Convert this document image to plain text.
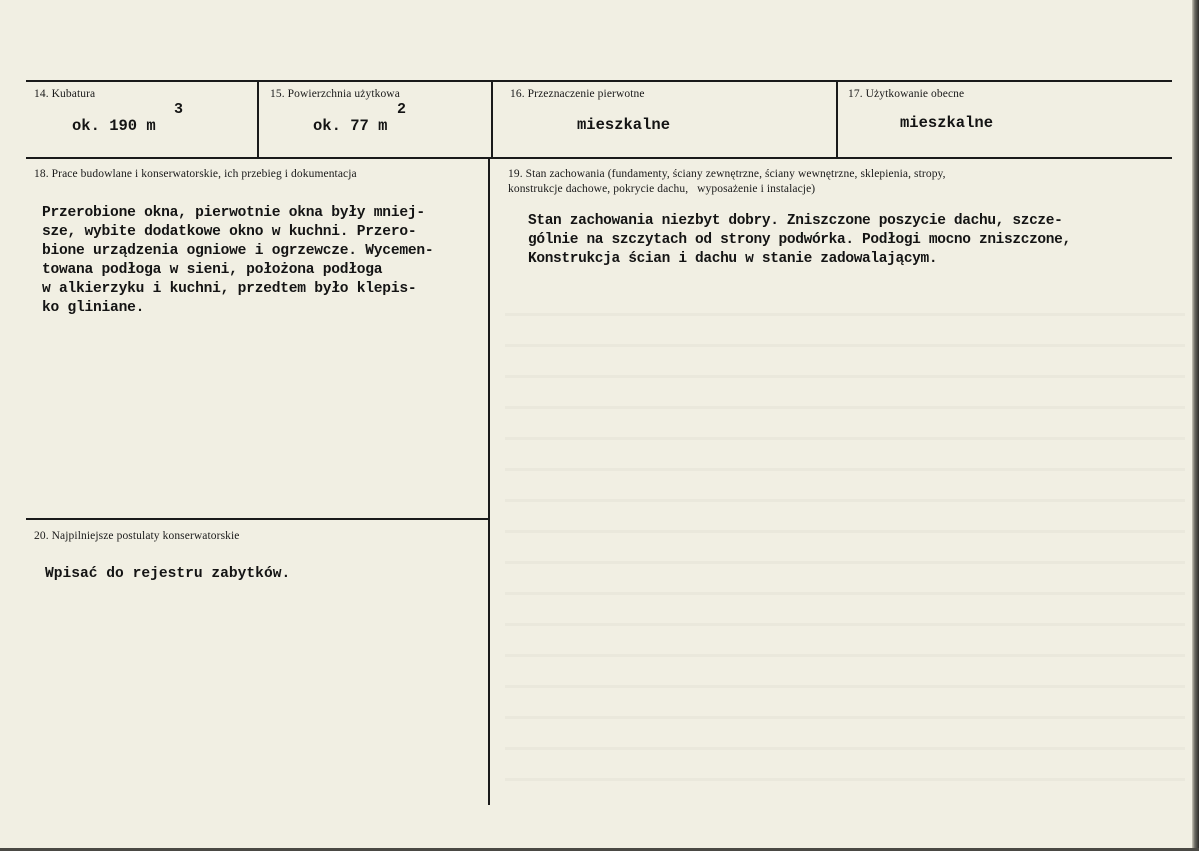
14. Kubatura
ok. 190 m
3
15. Powierzchnia użytkowa
ok. 77 m
2
16. Przeznaczenie pierwotne
mieszkalne
17. Użytkowanie obecne
mieszkalne
18. Prace budowlane i konserwatorskie, ich przebieg i dokumentacja
Przerobione okna, pierwotnie okna były mniej-
sze, wybite dodatkowe okno w kuchni. Przero-
bione urządzenia ogniowe i ogrzewcze. Wycemen-
towana podłoga w sieni, położona podłoga
w alkierzyku i kuchni, przedtem było klepis-
ko gliniane.
19. Stan zachowania (fundamenty, ściany zewnętrzne, ściany wewnętrzne, sklepienia, stropy,
konstrukcje dachowe, pokrycie dachu,   wyposażenie i instalacje)
Stan zachowania niezbyt dobry. Zniszczone poszycie dachu, szcze-
gólnie na szczytach od strony podwórka. Podłogi mocno zniszczone,
Konstrukcja ścian i dachu w stanie zadowalającym.
20. Najpilniejsze postulaty konserwatorskie
Wpisać do rejestru zabytków.
